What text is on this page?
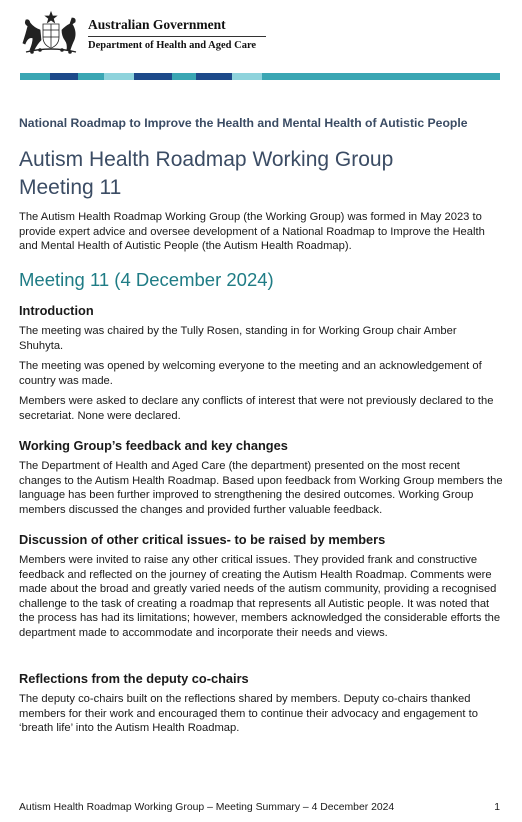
Australian Government
Department of Health and Aged Care
National Roadmap to Improve the Health and Mental Health of Autistic People
Autism Health Roadmap Working Group Meeting 11

The Autism Health Roadmap Working Group (the Working Group) was formed in May 2023 to provide expert advice and oversee development of a National Roadmap to Improve the Health and Mental Health of Autistic People (the Autism Health Roadmap).

Meeting 11 (4 December 2024)
Introduction

The meeting was chaired by the Tully Rosen, standing in for Working Group chair Amber Shuhyta.

The meeting was opened by welcoming everyone to the meeting and an acknowledgement of country was made.

Members were asked to declare any conflicts of interest that were not previously declared to the secretariat. None were declared.

Working Group’s feedback and key changes

The Department of Health and Aged Care (the department) presented on the most recent changes to the Autism Health Roadmap. Based upon feedback from Working Group members the language has been further improved to strengthening the desired outcomes. Working Group members discussed the changes and provided further valuable feedback.

Discussion of other critical issues- to be raised by members

Members were invited to raise any other critical issues. They provided frank and constructive feedback and reflected on the journey of creating the Autism Health Roadmap. Comments were made about the broad and greatly varied needs of the autism community, providing a recognised challenge to the task of creating a roadmap that represents all Autistic people. It was noted that the process has had its limitations; however, members acknowledged the considerable efforts the department made to accommodate and incorporate their needs and views.

Reflections from the deputy co-chairs

The deputy co-chairs built on the reflections shared by members. Deputy co-chairs thanked members for their work and encouraged them to continue their advocacy and engagement to ‘breath life’ into the Autism Health Roadmap.

Autism Health Roadmap Working Group – Meeting Summary – 4 December 2024	1
